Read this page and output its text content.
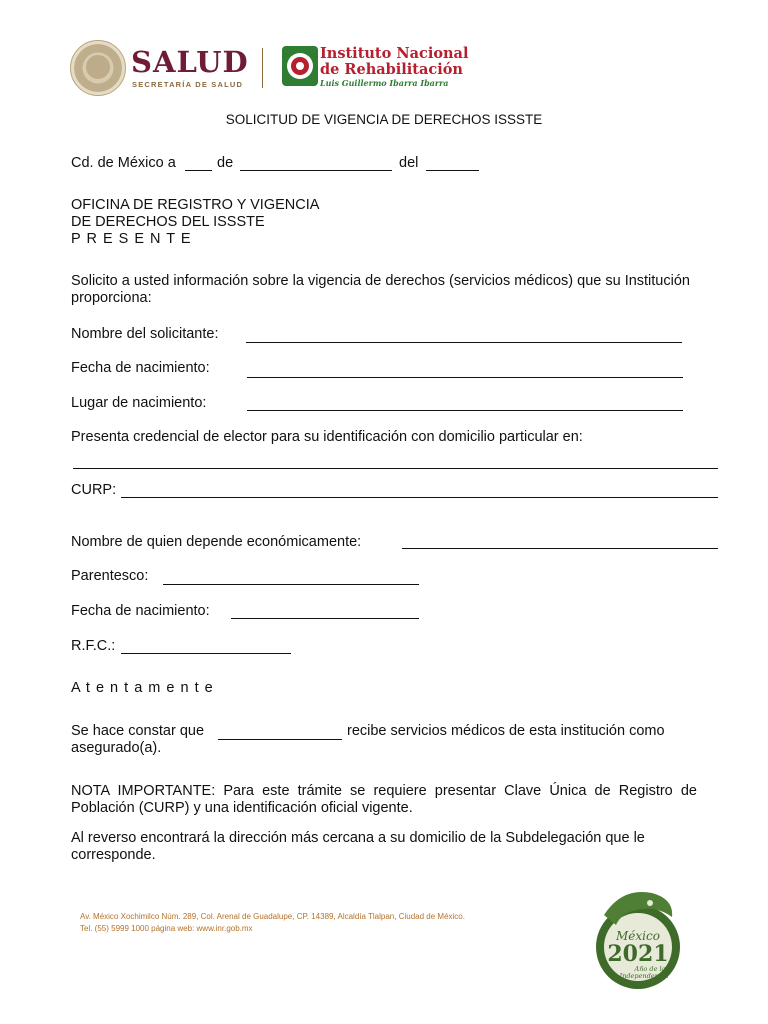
SALUD
SECRETARÍA DE SALUD
Instituto Nacional
de Rehabilitación
Luis Guillermo Ibarra Ibarra
SOLICITUD DE VIGENCIA DE DERECHOS ISSSTE
Cd. de México a	de	del
OFICINA DE REGISTRO Y VIGENCIA
DE DERECHOS DEL ISSSTE
P R E S E N T E
Solicito a usted información sobre la vigencia de derechos (servicios médicos) que su Institución proporciona:
Nombre del solicitante:
Fecha de nacimiento:
Lugar de nacimiento:
Presenta credencial de elector para su identificación con domicilio particular en:
CURP:
Nombre de quien depende económicamente:
Parentesco:
Fecha de nacimiento:
R.F.C.:
A t e n t a m e n t e
Se hace constar que	recibe servicios médicos de esta institución como
asegurado(a).
NOTA IMPORTANTE: Para este trámite se requiere presentar Clave Única de Registro de Población (CURP) y una identificación oficial vigente.
Al reverso encontrará la dirección más cercana a su domicilio de la Subdelegación que le corresponde.
Av. México Xochimilco Núm. 289, Col. Arenal de Guadalupe, CP. 14389, Alcaldía Tlalpan, Ciudad de México.
Tel. (55) 5999 1000 página web: www.inr.gob.mx
México
2021
Año de la
Independencia
